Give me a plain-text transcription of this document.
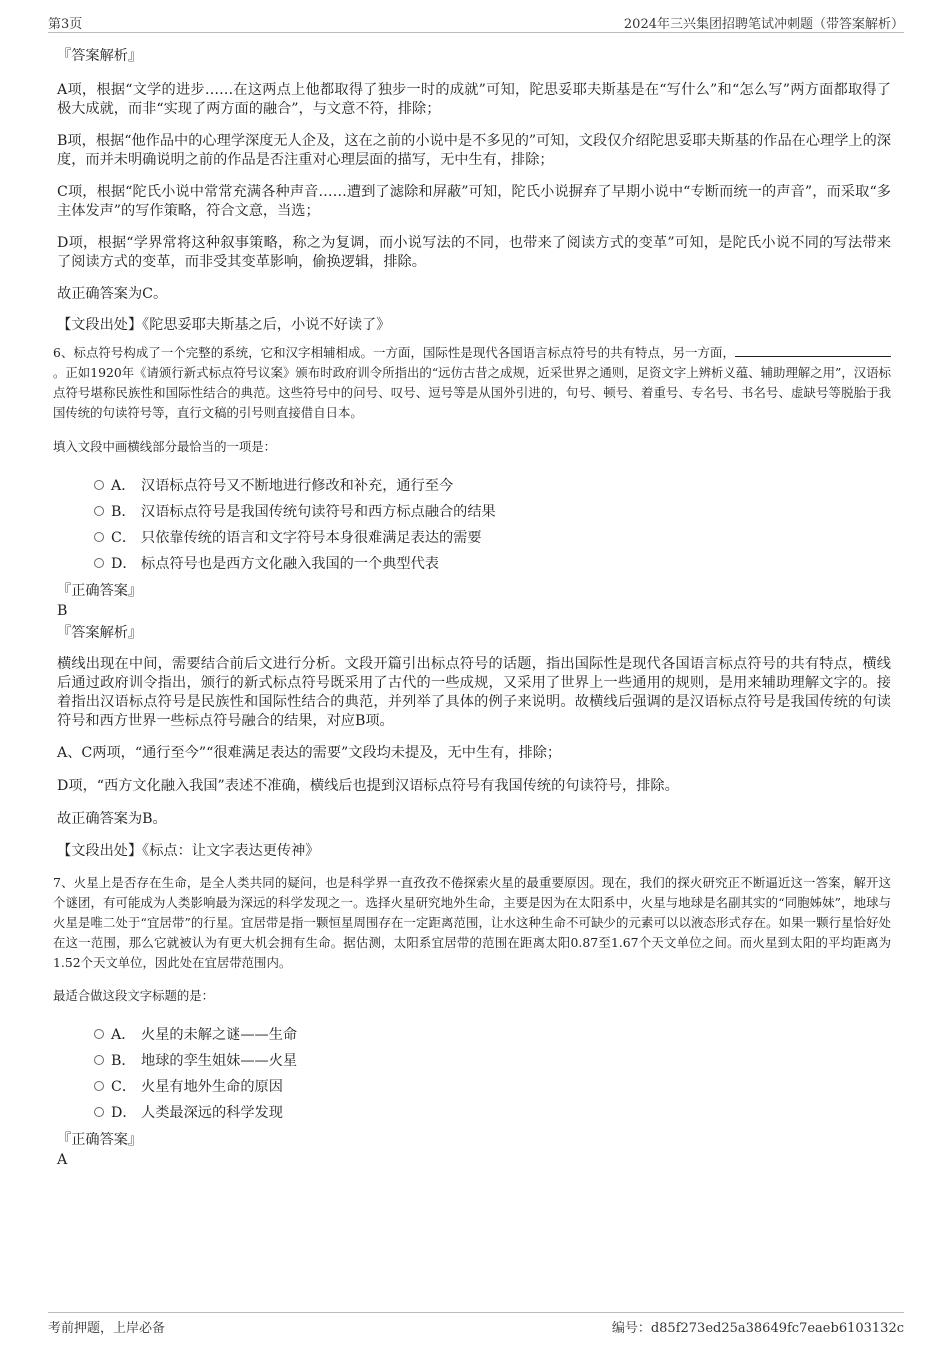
第3页	2024年三兴集团招聘笔试冲刺题（带答案解析）

『答案解析』

A项，根据“文学的进步……在这两点上他都取得了独步一时的成就”可知，陀思妥耶夫斯基是在“写什么”和“怎么写”两方面都取得了极大成就，而非“实现了两方面的融合”，与文意不符，排除；

B项，根据“他作品中的心理学深度无人企及，这在之前的小说中是不多见的”可知，文段仅介绍陀思妥耶夫斯基的作品在心理学上的深度，而并未明确说明之前的作品是否注重对心理层面的描写，无中生有，排除；

C项，根据“陀氏小说中常常充满各种声音……遭到了滤除和屏蔽”可知，陀氏小说摒弃了早期小说中“专断而统一的声音”，而采取“多主体发声”的写作策略，符合文意，当选；

D项，根据“学界常将这种叙事策略，称之为复调，而小说写法的不同，也带来了阅读方式的变革”可知，是陀氏小说不同的写法带来了阅读方式的变革，而非受其变革影响，偷换逻辑，排除。

故正确答案为C。

【文段出处】《陀思妥耶夫斯基之后，小说不好读了》

6、标点符号构成了一个完整的系统，它和汉字相辅相成。一方面，国际性是现代各国语言标点符号的共有特点，另一方面，。正如1920年《请颁行新式标点符号议案》颁布时政府训令所指出的“远仿古昔之成规，近采世界之通则，足资文字上辨析义蕴、辅助理解之用”，汉语标点符号堪称民族性和国际性结合的典范。这些符号中的问号、叹号、逗号等是从国外引进的，句号、顿号、着重号、专名号、书名号、虚缺号等脱胎于我国传统的句读符号等，直行文稿的引号则直接借自日本。

填入文段中画横线部分最恰当的一项是：

A． 汉语标点符号又不断地进行修改和补充，通行至今
B． 汉语标点符号是我国传统句读符号和西方标点融合的结果
C． 只依靠传统的语言和文字符号本身很难满足表达的需要
D． 标点符号也是西方文化融入我国的一个典型代表

『正确答案』

B

『答案解析』

横线出现在中间，需要结合前后文进行分析。文段开篇引出标点符号的话题，指出国际性是现代各国语言标点符号的共有特点，横线后通过政府训令指出，颁行的新式标点符号既采用了古代的一些成规，又采用了世界上一些通用的规则，是用来辅助理解文字的。接着指出汉语标点符号是民族性和国际性结合的典范，并列举了具体的例子来说明。故横线后强调的是汉语标点符号是我国传统的句读符号和西方世界一些标点符号融合的结果，对应B项。

A、C两项，“通行至今”“很难满足表达的需要”文段均未提及，无中生有，排除；

D项，“西方文化融入我国”表述不准确，横线后也提到汉语标点符号有我国传统的句读符号，排除。

故正确答案为B。

【文段出处】《标点：让文字表达更传神》

7、火星上是否存在生命，是全人类共同的疑问，也是科学界一直孜孜不倦探索火星的最重要原因。现在，我们的探火研究正不断逼近这一答案，解开这个谜团，有可能成为人类影响最为深远的科学发现之一。选择火星研究地外生命，主要是因为在太阳系中，火星与地球是名副其实的“同胞姊妹”，地球与火星是唯二处于“宜居带”的行星。宜居带是指一颗恒星周围存在一定距离范围，让水这种生命不可缺少的元素可以以液态形式存在。如果一颗行星恰好处在这一范围，那么它就被认为有更大机会拥有生命。据估测，太阳系宜居带的范围在距离太阳0.87至1.67个天文单位之间。而火星到太阳的平均距离为1.52个天文单位，因此处在宜居带范围内。

最适合做这段文字标题的是：

A． 火星的未解之谜——生命
B． 地球的孪生姐妹——火星
C． 火星有地外生命的原因
D． 人类最深远的科学发现

『正确答案』

A

考前押题，上岸必备	编号：d85f273ed25a38649fc7eaeb6103132c
